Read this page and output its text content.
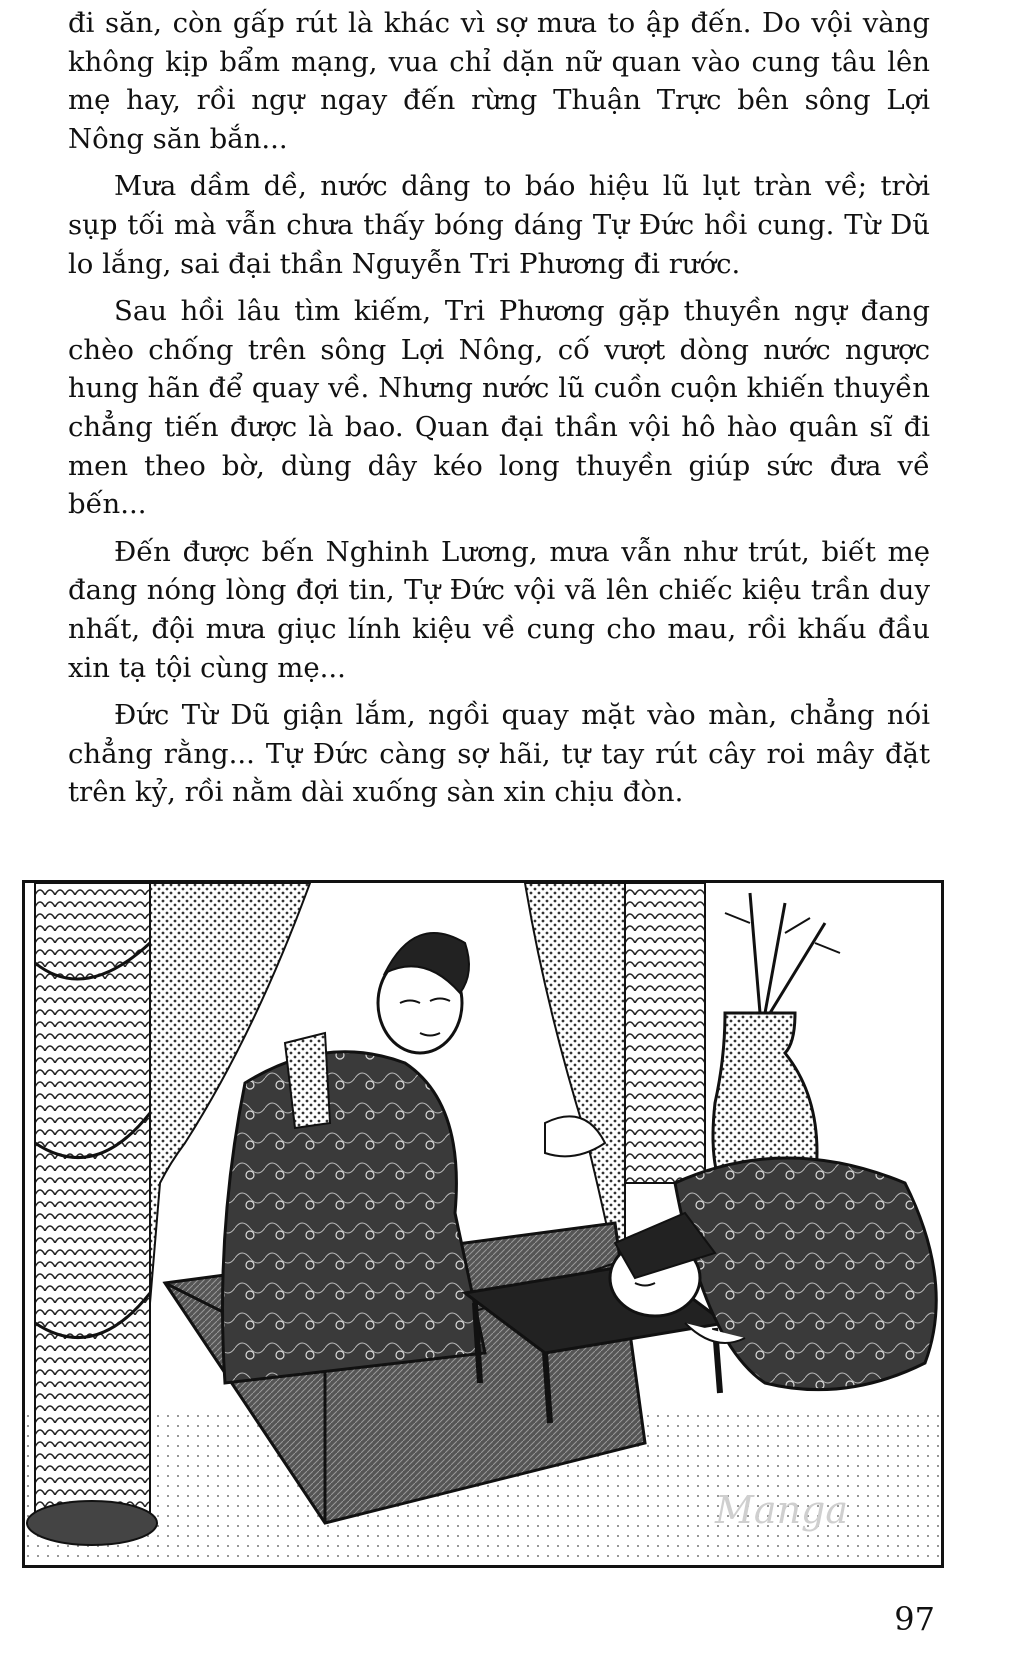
đi săn, còn gấp rút là khác vì sợ mưa to ập đến. Do vội vàng không kịp bẩm mạng, vua chỉ dặn nữ quan vào cung tâu lên mẹ hay, rồi ngự ngay đến rừng Thuận Trực bên sông Lợi Nông săn bắn...

Mưa dầm dề, nước dâng to báo hiệu lũ lụt tràn về; trời sụp tối mà vẫn chưa thấy bóng dáng Tự Đức hồi cung. Từ Dũ lo lắng, sai đại thần Nguyễn Tri Phương đi rước.

Sau hồi lâu tìm kiếm, Tri Phương gặp thuyền ngự đang chèo chống trên sông Lợi Nông, cố vượt dòng nước ngược hung hãn để quay về. Nhưng nước lũ cuồn cuộn khiến thuyền chẳng tiến được là bao. Quan đại thần vội hô hào quân sĩ đi men theo bờ, dùng dây kéo long thuyền giúp sức đưa về bến...

Đến được bến Nghinh Lương, mưa vẫn như trút, biết mẹ đang nóng lòng đợi tin, Tự Đức vội vã lên chiếc kiệu trần duy nhất, đội mưa giục lính kiệu về cung cho mau, rồi khấu đầu xin tạ tội cùng mẹ...

Đức Từ Dũ giận lắm, ngồi quay mặt vào màn, chẳng nói chẳng rằng... Tự Đức càng sợ hãi, tự tay rút cây roi mây đặt trên kỷ, rồi nằm dài xuống sàn xin chịu đòn.

Manga
97
